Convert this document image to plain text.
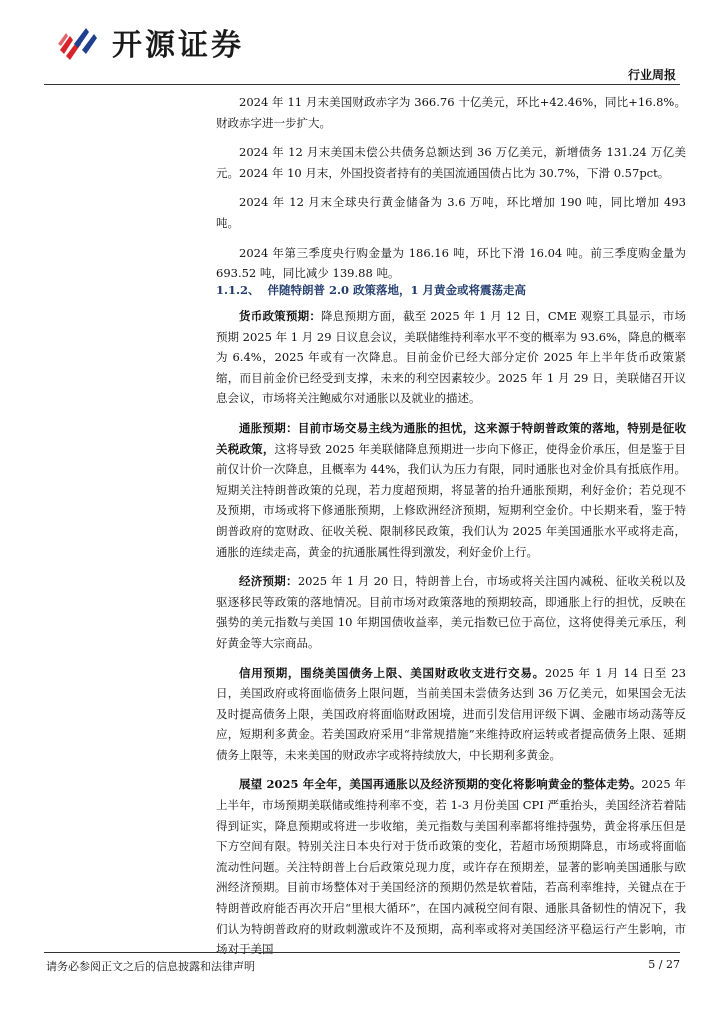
开源证券
行业周报

2024 年 11 月末美国财政赤字为 366.76 十亿美元，环比+42.46%，同比+16.8%。财政赤字进一步扩大。

2024 年 12 月末美国未偿公共债务总额达到 36 万亿美元，新增债务 131.24 万亿美元。2024 年 10 月末，外国投资者持有的美国流通国债占比为 30.7%，下滑 0.57pct。

2024 年 12 月末全球央行黄金储备为 3.6 万吨，环比增加 190 吨，同比增加 493 吨。

2024 年第三季度央行购金量为 186.16 吨，环比下滑 16.04 吨。前三季度购金量为 693.52 吨，同比减少 139.88 吨。

1.1.2、 伴随特朗普 2.0 政策落地，1 月黄金或将震荡走高

货币政策预期：降息预期方面，截至 2025 年 1 月 12 日，CME 观察工具显示，市场预期 2025 年 1 月 29 日议息会议，美联储维持利率水平不变的概率为 93.6%，降息的概率为 6.4%，2025 年或有一次降息。目前金价已经大部分定价 2025 年上半年货币政策紧缩，而目前金价已经受到支撑，未来的利空因素较少。2025 年 1 月 29 日，美联储召开议息会议，市场将关注鲍威尔对通胀以及就业的描述。

通胀预期：目前市场交易主线为通胀的担忧，这来源于特朗普政策的落地，特别是征收关税政策，这将导致 2025 年美联储降息预期进一步向下修正，使得金价承压，但是鉴于目前仅计价一次降息，且概率为 44%，我们认为压力有限，同时通胀也对金价具有抵底作用。短期关注特朗普政策的兑现，若力度超预期，将显著的抬升通胀预期，利好金价；若兑现不及预期，市场或将下修通胀预期，上修欧洲经济预期，短期利空金价。中长期来看，鉴于特朗普政府的宽财政、征收关税、限制移民政策，我们认为 2025 年美国通胀水平或将走高，通胀的连续走高，黄金的抗通胀属性得到激发，利好金价上行。

经济预期：2025 年 1 月 20 日，特朗普上台，市场或将关注国内减税、征收关税以及驱逐移民等政策的落地情况。目前市场对政策落地的预期较高，即通胀上行的担忧，反映在强势的美元指数与美国 10 年期国债收益率，美元指数已位于高位，这将使得美元承压，利好黄金等大宗商品。

信用预期，围绕美国债务上限、美国财政收支进行交易。2025 年 1 月 14 日至 23 日，美国政府或将面临债务上限问题，当前美国未尝债务达到 36 万亿美元，如果国会无法及时提高债务上限，美国政府将面临财政困境，进而引发信用评级下调、金融市场动荡等反应，短期利多黄金。若美国政府采用“非常规措施”来维持政府运转或者提高债务上限、延期债务上限等，未来美国的财政赤字或将持续放大，中长期利多黄金。

展望 2025 年全年，美国再通胀以及经济预期的变化将影响黄金的整体走势。2025 年上半年，市场预期美联储或维持利率不变，若 1-3 月份美国 CPI 严重抬头，美国经济若着陆得到证实，降息预期或将进一步收缩，美元指数与美国利率都将维持强势，黄金将承压但是下方空间有限。特别关注日本央行对于货币政策的变化，若超市场预期降息，市场或将面临流动性问题。关注特朗普上台后政策兑现力度，或许存在预期差，显著的影响美国通胀与欧洲经济预期。目前市场整体对于美国经济的预期仍然是软着陆，若高利率维持，关键点在于特朗普政府能否再次开启“里根大循环”，在国内减税空间有限、通胀具备韧性的情况下，我们认为特朗普政府的财政刺激或许不及预期，高利率或将对美国经济平稳运行产生影响，市场对于美国

请务必参阅正文之后的信息披露和法律声明	5 / 27
